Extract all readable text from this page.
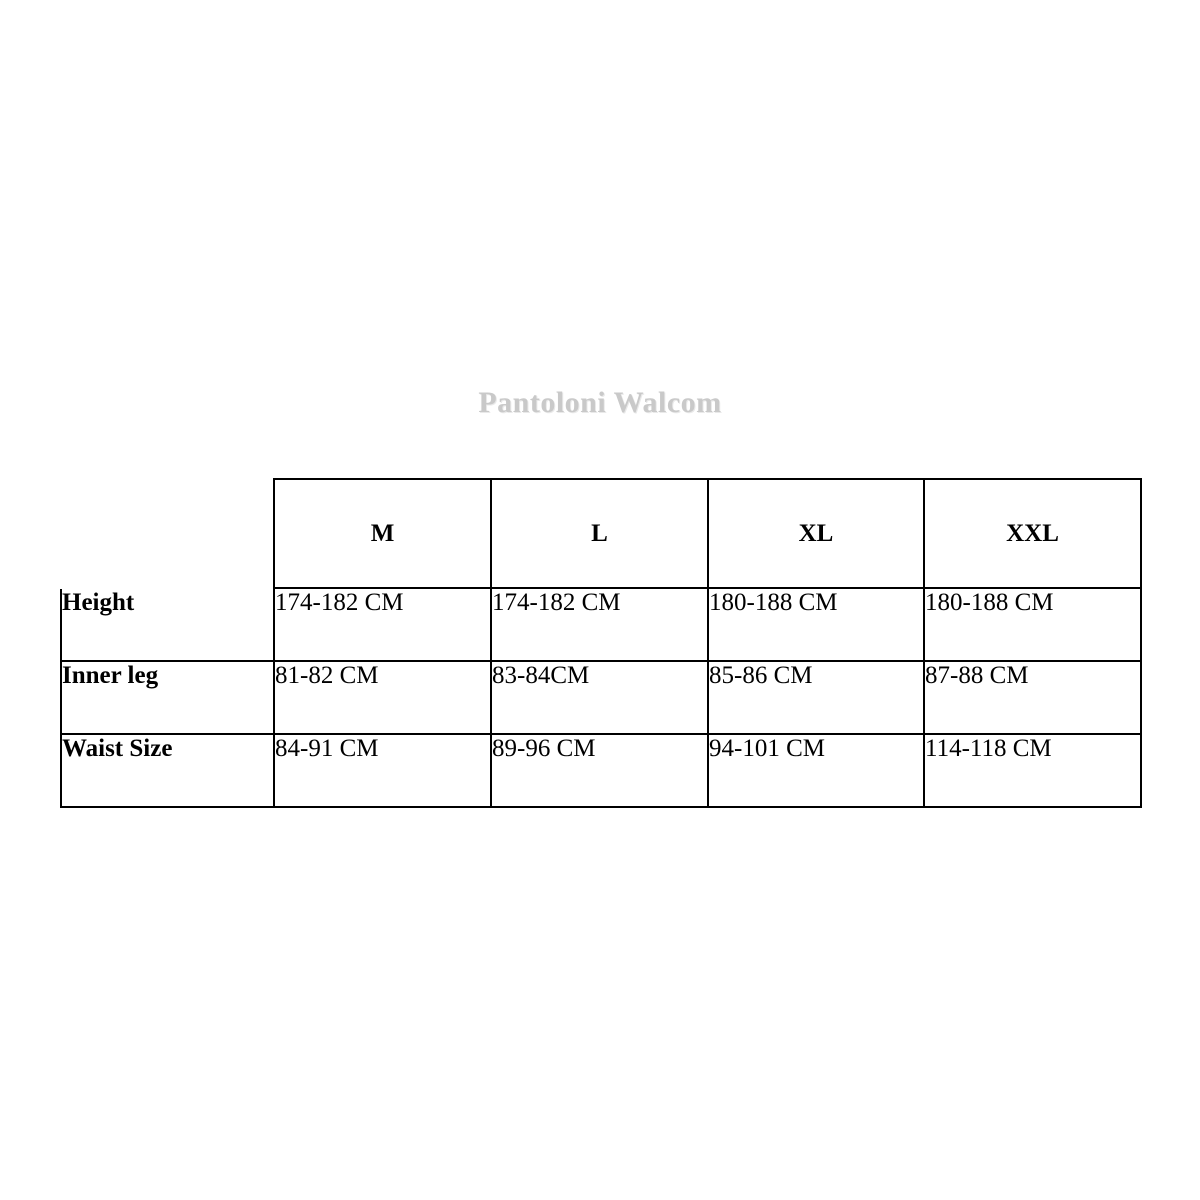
Pantoloni Walcom
	M	L	XL	XXL
Height	174-182 CM	174-182 CM	180-188 CM	180-188 CM
Inner leg	81-82 CM	83-84CM	85-86 CM	87-88 CM
Waist Size	84-91 CM	89-96 CM	94-101 CM	114-118 CM
